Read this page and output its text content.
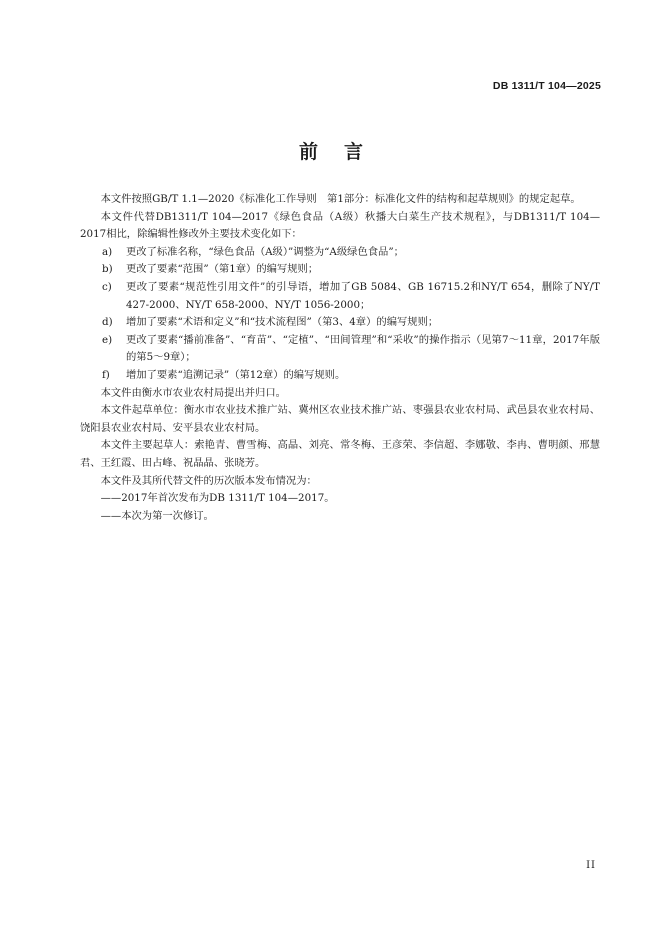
DB 1311/T 104—2025
前言

本文件按照GB/T 1.1—2020《标准化工作导则　第1部分：标准化文件的结构和起草规则》的规定起草。

本文件代替DB1311/T 104—2017《绿色食品（A级）秋播大白菜生产技术规程》，与DB1311/T 104—2017相比，除编辑性修改外主要技术变化如下：

a)	更改了标准名称，“绿色食品（A级）”调整为“A级绿色食品”；
b)	更改了要素“范围”（第1章）的编写规则；
c)	更改了要素“规范性引用文件”的引导语，增加了GB 5084、GB 16715.2和NY/T 654，删除了NY/T 427-2000、NY/T 658-2000、NY/T 1056-2000；
d)	增加了要素“术语和定义”和“技术流程图”（第3、4章）的编写规则；
e)	更改了要素“播前准备”、“育苗”、“定植”、“田间管理”和“采收”的操作指示（见第7～11章，2017年版的第5～9章）；
f)	增加了要素“追溯记录”（第12章）的编写规则。

本文件由衡水市农业农村局提出并归口。

本文件起草单位：衡水市农业技术推广站、冀州区农业技术推广站、枣强县农业农村局、武邑县农业农村局、饶阳县农业农村局、安平县农业农村局。

本文件主要起草人：索艳青、曹雪梅、高晶、刘亮、常冬梅、王彦荣、李信超、李娜敬、李冉、曹明颜、邢慧君、王红霞、田占峰、祝晶晶、张晓芳。

本文件及其所代替文件的历次版本发布情况为：

——2017年首次发布为DB 1311/T 104—2017。

——本次为第一次修订。

II
